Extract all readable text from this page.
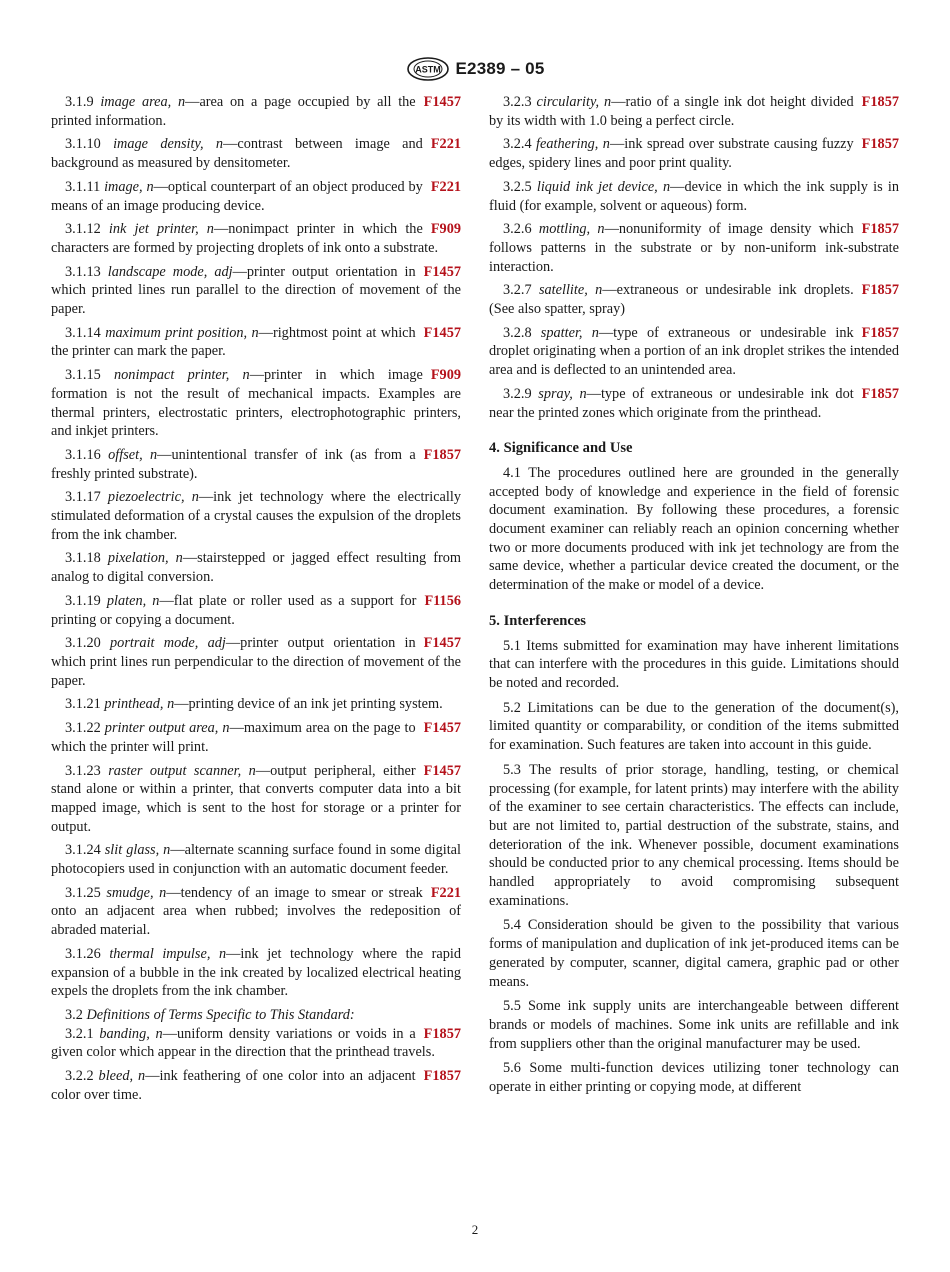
ASTM E2389 – 05
F1457
3.1.9 image area, n—area on a page occupied by all the printed information.
F221
3.1.10 image density, n—contrast between image and background as measured by densitometer.
F221
3.1.11 image, n—optical counterpart of an object produced by means of an image producing device.
F909
3.1.12 ink jet printer, n—nonimpact printer in which the characters are formed by projecting droplets of ink onto a substrate.
F1457
3.1.13 landscape mode, adj—printer output orientation in which printed lines run parallel to the direction of movement of the paper.
F1457
3.1.14 maximum print position, n—rightmost point at which the printer can mark the paper.
F909
3.1.15 nonimpact printer, n—printer in which image formation is not the result of mechanical impacts. Examples are thermal printers, electrostatic printers, electrophotographic printers, and inkjet printers.
F1857
3.1.16 offset, n—unintentional transfer of ink (as from a freshly printed substrate).
3.1.17 piezoelectric, n—ink jet technology where the electrically stimulated deformation of a crystal causes the expulsion of the droplets from the ink chamber.
3.1.18 pixelation, n—stairstepped or jagged effect resulting from analog to digital conversion.
F1156
3.1.19 platen, n—flat plate or roller used as a support for printing or copying a document.
F1457
3.1.20 portrait mode, adj—printer output orientation in which print lines run perpendicular to the direction of movement of the paper.
3.1.21 printhead, n—printing device of an ink jet printing system.
F1457
3.1.22 printer output area, n—maximum area on the page to which the printer will print.
F1457
3.1.23 raster output scanner, n—output peripheral, either stand alone or within a printer, that converts computer data into a bit mapped image, which is sent to the host for storage or a printer for output.
3.1.24 slit glass, n—alternate scanning surface found in some digital photocopiers used in conjunction with an automatic document feeder.
F221
3.1.25 smudge, n—tendency of an image to smear or streak onto an adjacent area when rubbed; involves the redeposition of abraded material.
3.1.26 thermal impulse, n—ink jet technology where the rapid expansion of a bubble in the ink created by localized electrical heating expels the droplets from the ink chamber.
3.2 Definitions of Terms Specific to This Standard:
F1857
3.2.1 banding, n—uniform density variations or voids in a given color which appear in the direction that the printhead travels.
F1857
3.2.2 bleed, n—ink feathering of one color into an adjacent color over time.
F1857
3.2.3 circularity, n—ratio of a single ink dot height divided by its width with 1.0 being a perfect circle.
F1857
3.2.4 feathering, n—ink spread over substrate causing fuzzy edges, spidery lines and poor print quality.
3.2.5 liquid ink jet device, n—device in which the ink supply is in fluid (for example, solvent or aqueous) form.
F1857
3.2.6 mottling, n—nonuniformity of image density which follows patterns in the substrate or by non-uniform ink-substrate interaction.
F1857
3.2.7 satellite, n—extraneous or undesirable ink droplets. (See also spatter, spray)
F1857
3.2.8 spatter, n—type of extraneous or undesirable ink droplet originating when a portion of an ink droplet strikes the intended area and is deflected to an unintended area.
F1857
3.2.9 spray, n—type of extraneous or undesirable ink dot near the printed zones which originate from the printhead.
4. Significance and Use
4.1 The procedures outlined here are grounded in the generally accepted body of knowledge and experience in the field of forensic document examination. By following these procedures, a forensic document examiner can reliably reach an opinion concerning whether two or more documents produced with ink jet technology are from the same device, whether a particular device created the document, or the determination of the make or model of a device.
5. Interferences
5.1 Items submitted for examination may have inherent limitations that can interfere with the procedures in this guide. Limitations should be noted and recorded.
5.2 Limitations can be due to the generation of the document(s), limited quantity or comparability, or condition of the items submitted for examination. Such features are taken into account in this guide.
5.3 The results of prior storage, handling, testing, or chemical processing (for example, for latent prints) may interfere with the ability of the examiner to see certain characteristics. The effects can include, but are not limited to, partial destruction of the substrate, stains, and deterioration of the ink. Whenever possible, document examinations should be conducted prior to any chemical processing. Items should be handled appropriately to avoid compromising subsequent examinations.
5.4 Consideration should be given to the possibility that various forms of manipulation and duplication of ink jet-produced items can be generated by computer, scanner, digital camera, graphic pad or other means.
5.5 Some ink supply units are interchangeable between different brands or models of machines. Some ink units are refillable and ink from suppliers other than the original manufacturer may be used.
5.6 Some multi-function devices utilizing toner technology can operate in either printing or copying mode, at different
2
